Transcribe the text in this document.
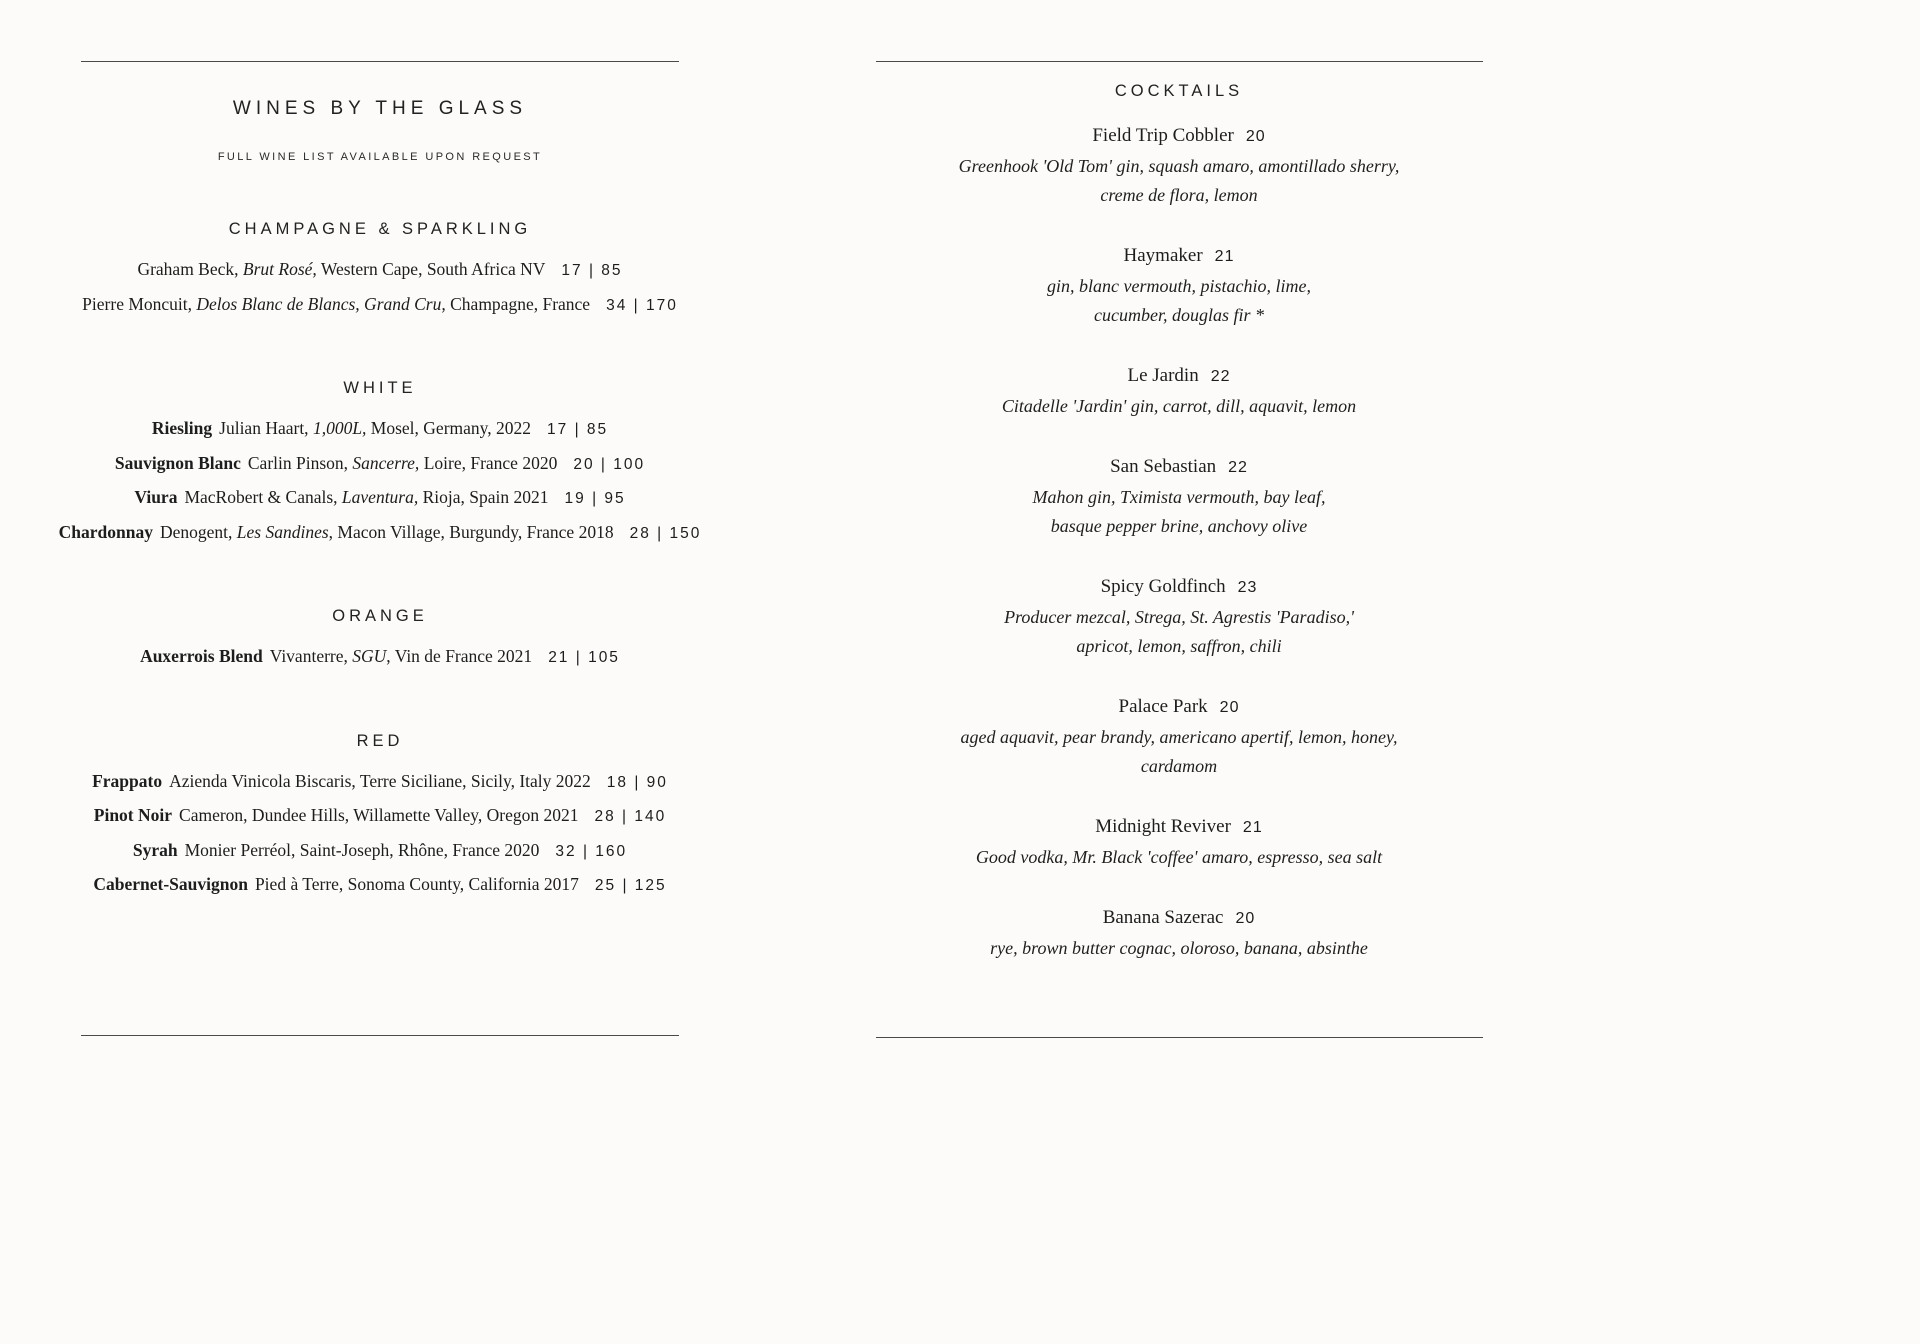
WINES BY THE GLASS
FULL WINE LIST AVAILABLE UPON REQUEST
CHAMPAGNE & SPARKLING
Graham Beck, Brut Rosé, Western Cape, South Africa NV 17 | 85
Pierre Moncuit, Delos Blanc de Blancs, Grand Cru, Champagne, France 34 | 170
WHITE
Riesling Julian Haart, 1,000L, Mosel, Germany, 2022 17 | 85
Sauvignon Blanc Carlin Pinson, Sancerre, Loire, France 2020 20 | 100
Viura MacRobert & Canals, Laventura, Rioja, Spain 2021 19 | 95
Chardonnay Denogent, Les Sandines, Macon Village, Burgundy, France 2018 28 | 150
ORANGE
Auxerrois Blend Vivanterre, SGU, Vin de France 2021 21 | 105
RED
Frappato Azienda Vinicola Biscaris, Terre Siciliane, Sicily, Italy 2022 18 | 90
Pinot Noir Cameron, Dundee Hills, Willamette Valley, Oregon 2021 28 | 140
Syrah Monier Perréol, Saint-Joseph, Rhône, France 2020 32 | 160
Cabernet-Sauvignon Pied à Terre, Sonoma County, California 2017 25 | 125
COCKTAILS
Field Trip Cobbler 20
Greenhook 'Old Tom' gin, squash amaro, amontillado sherry,
creme de flora, lemon
Haymaker 21
gin, blanc vermouth, pistachio, lime,
cucumber, douglas fir *
Le Jardin 22
Citadelle 'Jardin' gin, carrot, dill, aquavit, lemon
San Sebastian 22
Mahon gin, Tximista vermouth, bay leaf,
basque pepper brine, anchovy olive
Spicy Goldfinch 23
Producer mezcal, Strega, St. Agrestis 'Paradiso,'
apricot, lemon, saffron, chili
Palace Park 20
aged aquavit, pear brandy, americano apertif, lemon, honey,
cardamom
Midnight Reviver 21
Good vodka, Mr. Black 'coffee' amaro, espresso, sea salt
Banana Sazerac 20
rye, brown butter cognac, oloroso, banana, absinthe
